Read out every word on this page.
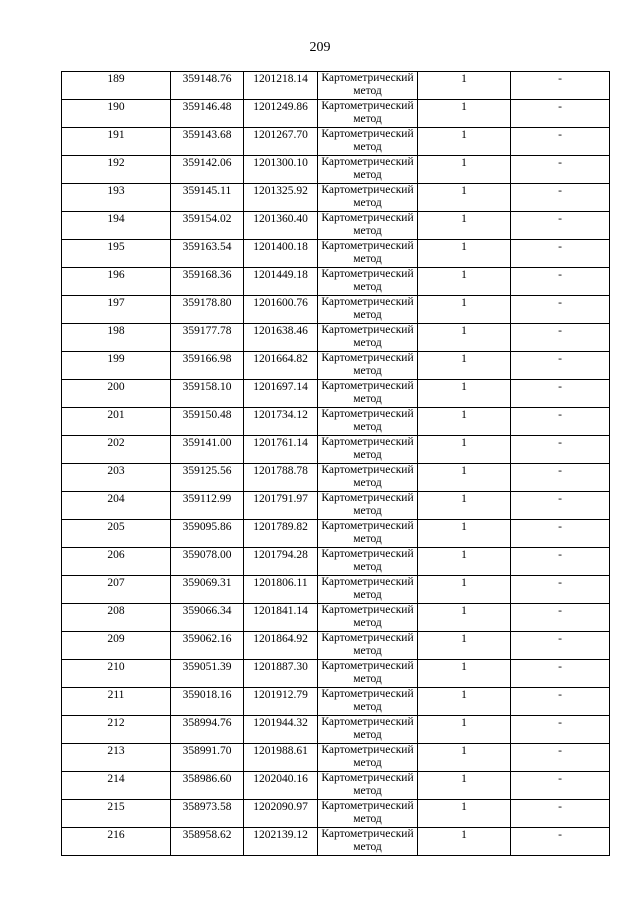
209
189	359148.76	1201218.14	Картометрический метод	1	-
190	359146.48	1201249.86	Картометрический метод	1	-
191	359143.68	1201267.70	Картометрический метод	1	-
192	359142.06	1201300.10	Картометрический метод	1	-
193	359145.11	1201325.92	Картометрический метод	1	-
194	359154.02	1201360.40	Картометрический метод	1	-
195	359163.54	1201400.18	Картометрический метод	1	-
196	359168.36	1201449.18	Картометрический метод	1	-
197	359178.80	1201600.76	Картометрический метод	1	-
198	359177.78	1201638.46	Картометрический метод	1	-
199	359166.98	1201664.82	Картометрический метод	1	-
200	359158.10	1201697.14	Картометрический метод	1	-
201	359150.48	1201734.12	Картометрический метод	1	-
202	359141.00	1201761.14	Картометрический метод	1	-
203	359125.56	1201788.78	Картометрический метод	1	-
204	359112.99	1201791.97	Картометрический метод	1	-
205	359095.86	1201789.82	Картометрический метод	1	-
206	359078.00	1201794.28	Картометрический метод	1	-
207	359069.31	1201806.11	Картометрический метод	1	-
208	359066.34	1201841.14	Картометрический метод	1	-
209	359062.16	1201864.92	Картометрический метод	1	-
210	359051.39	1201887.30	Картометрический метод	1	-
211	359018.16	1201912.79	Картометрический метод	1	-
212	358994.76	1201944.32	Картометрический метод	1	-
213	358991.70	1201988.61	Картометрический метод	1	-
214	358986.60	1202040.16	Картометрический метод	1	-
215	358973.58	1202090.97	Картометрический метод	1	-
216	358958.62	1202139.12	Картометрический метод	1	-
